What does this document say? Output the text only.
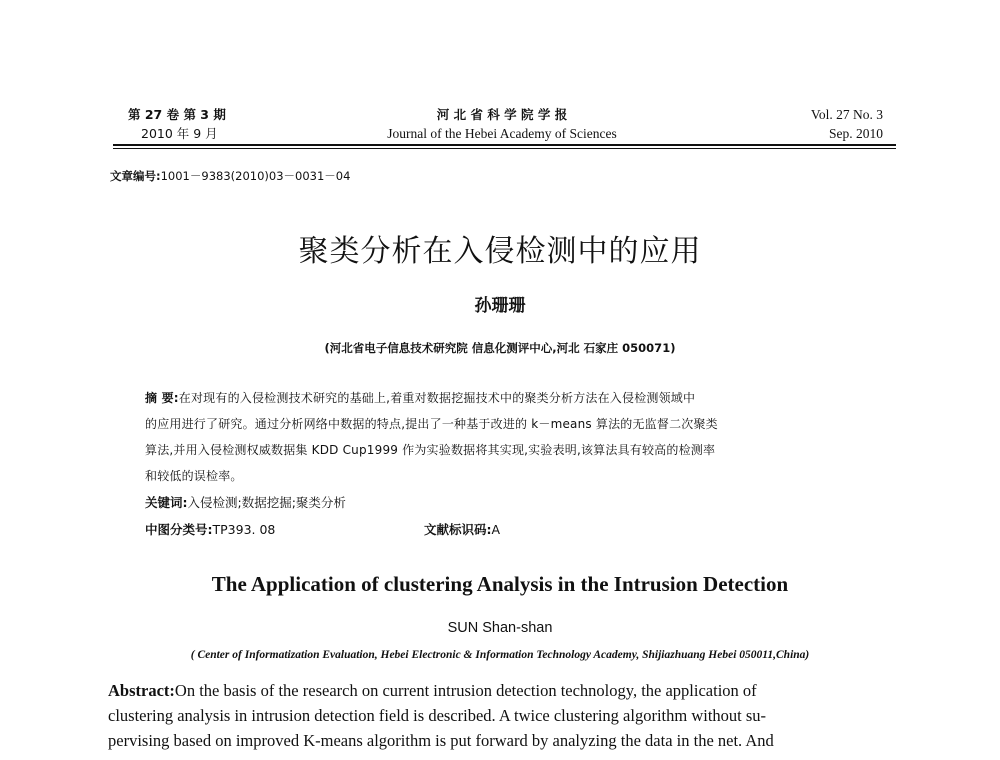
第 27 卷 第 3 期
2010 年 9 月
河 北 省 科 学 院 学 报
Journal of the Hebei Academy of Sciences
Vol. 27 No. 3
Sep. 2010
文章编号:1001－9383(2010)03－0031－04
聚类分析在入侵检测中的应用
孙珊珊
(河北省电子信息技术研究院 信息化测评中心,河北 石家庄 050071)
摘 要:在对现有的入侵检测技术研究的基础上,着重对数据挖掘技术中的聚类分析方法在入侵检测领域中
的应用进行了研究。通过分析网络中数据的特点,提出了一种基于改进的 k－means 算法的无监督二次聚类
算法,并用入侵检测权威数据集 KDD Cup1999 作为实验数据将其实现,实验表明,该算法具有较高的检测率
和较低的误检率。
关键词:入侵检测;数据挖掘;聚类分析
中图分类号:TP393. 08	文献标识码:A
The Application of clustering Analysis in the Intrusion Detection
SUN Shan-shan
( Center of Informatization Evaluation, Hebei Electronic & Information Technology Academy, Shijiazhuang Hebei 050011,China)
Abstract:On the basis of the research on current intrusion detection technology, the application of
clustering analysis in intrusion detection field is described. A twice clustering algorithm without su-
pervising based on improved K-means algorithm is put forward by analyzing the data in the net. And
